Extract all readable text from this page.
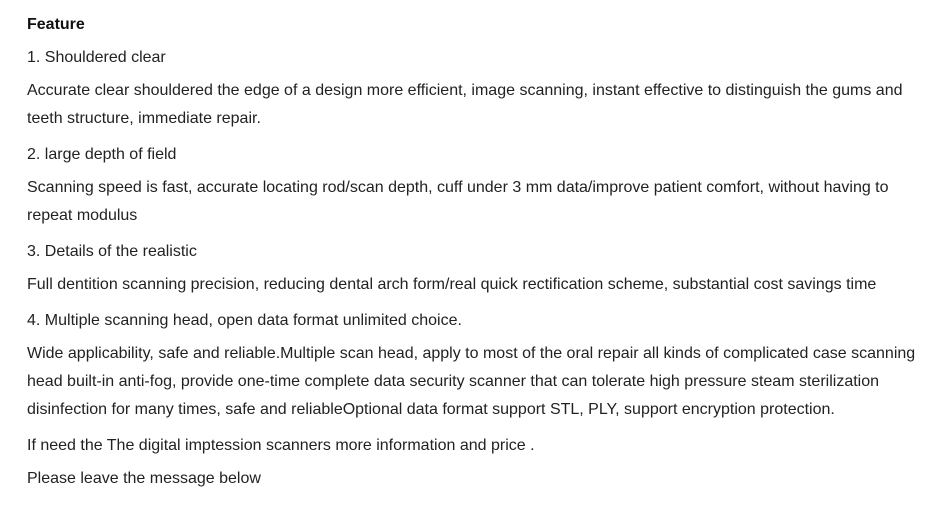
Feature
1. Shouldered clear
Accurate clear shouldered the edge of a design more efficient, image scanning, instant effective to distinguish the gums and teeth structure, immediate repair.
2. large depth of field
Scanning speed is fast, accurate locating rod/scan depth, cuff under 3 mm data/improve patient comfort, without having to repeat modulus
3. Details of the realistic
Full dentition scanning precision, reducing dental arch form/real quick rectification scheme, substantial cost savings time
4. Multiple scanning head, open data format unlimited choice.
Wide applicability, safe and reliable.Multiple scan head, apply to most of the oral repair all kinds of complicated case scanning head built-in anti-fog, provide one-time complete data security scanner that can tolerate high pressure steam sterilization disinfection for many times, safe and reliableOptional data format support STL, PLY, support encryption protection.
If need the The digital imptession scanners more information and price .
Please leave the message below
